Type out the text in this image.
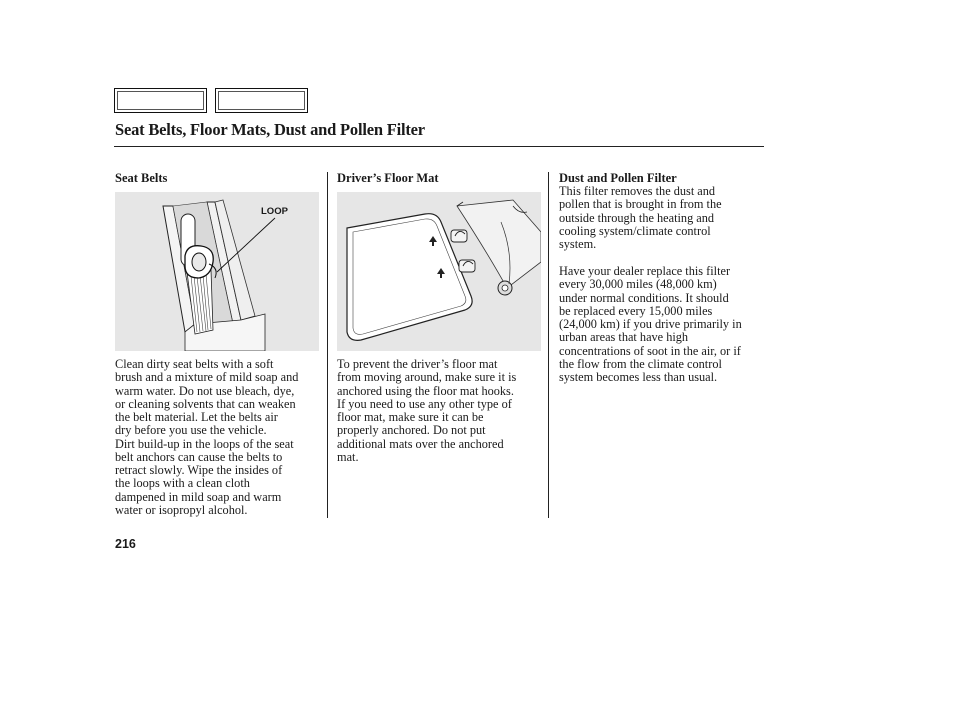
Seat Belts, Floor Mats, Dust and Pollen Filter
Seat Belts
LOOP
Clean dirty seat belts with a soft
brush and a mixture of mild soap and
warm water. Do not use bleach, dye,
or cleaning solvents that can weaken
the belt material. Let the belts air
dry before you use the vehicle.
Dirt build-up in the loops of the seat
belt anchors can cause the belts to
retract slowly. Wipe the insides of
the loops with a clean cloth
dampened in mild soap and warm
water or isopropyl alcohol.
Driver’s Floor Mat
To prevent the driver’s floor mat
from moving around, make sure it is
anchored using the floor mat hooks.
If you need to use any other type of
floor mat, make sure it can be
properly anchored. Do not put
additional mats over the anchored
mat.
Dust and Pollen Filter
This filter removes the dust and
pollen that is brought in from the
outside through the heating and
cooling system/climate control
system.
Have your dealer replace this filter
every 30,000 miles (48,000 km)
under normal conditions. It should
be replaced every 15,000 miles
(24,000 km) if you drive primarily in
urban areas that have high
concentrations of soot in the air, or if
the flow from the climate control
system becomes less than usual.
216
